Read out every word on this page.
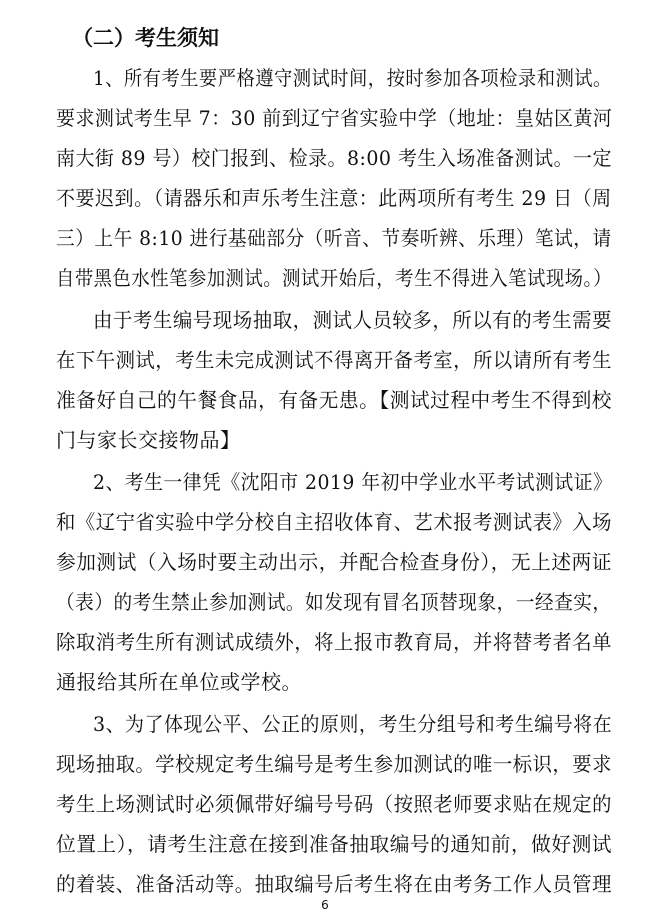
（二）考生须知
1、所有考生要严格遵守测试时间，按时参加各项检录和测试。
要求测试考生早 7：30 前到辽宁省实验中学（地址：皇姑区黄河
南大街 89 号）校门报到、检录。8:00 考生入场准备测试。一定
不要迟到。（请器乐和声乐考生注意：此两项所有考生 29 日（周
三）上午 8:10 进行基础部分（听音、节奏听辨、乐理）笔试，请
自带黑色水性笔参加测试。测试开始后，考生不得进入笔试现场。）
由于考生编号现场抽取，测试人员较多，所以有的考生需要
在下午测试，考生未完成测试不得离开备考室，所以请所有考生
准备好自己的午餐食品，有备无患。【测试过程中考生不得到校
门与家长交接物品】
2、考生一律凭《沈阳市 2019 年初中学业水平考试测试证》
和《辽宁省实验中学分校自主招收体育、艺术报考测试表》入场
参加测试（入场时要主动出示，并配合检查身份），无上述两证
（表）的考生禁止参加测试。如发现有冒名顶替现象，一经查实，
除取消考生所有测试成绩外，将上报市教育局，并将替考者名单
通报给其所在单位或学校。
3、为了体现公平、公正的原则，考生分组号和考生编号将在
现场抽取。学校规定考生编号是考生参加测试的唯一标识，要求
考生上场测试时必须佩带好编号号码（按照老师要求贴在规定的
位置上），请考生注意在接到准备抽取编号的通知前，做好测试
的着装、准备活动等。抽取编号后考生将在由考务工作人员管理
6
